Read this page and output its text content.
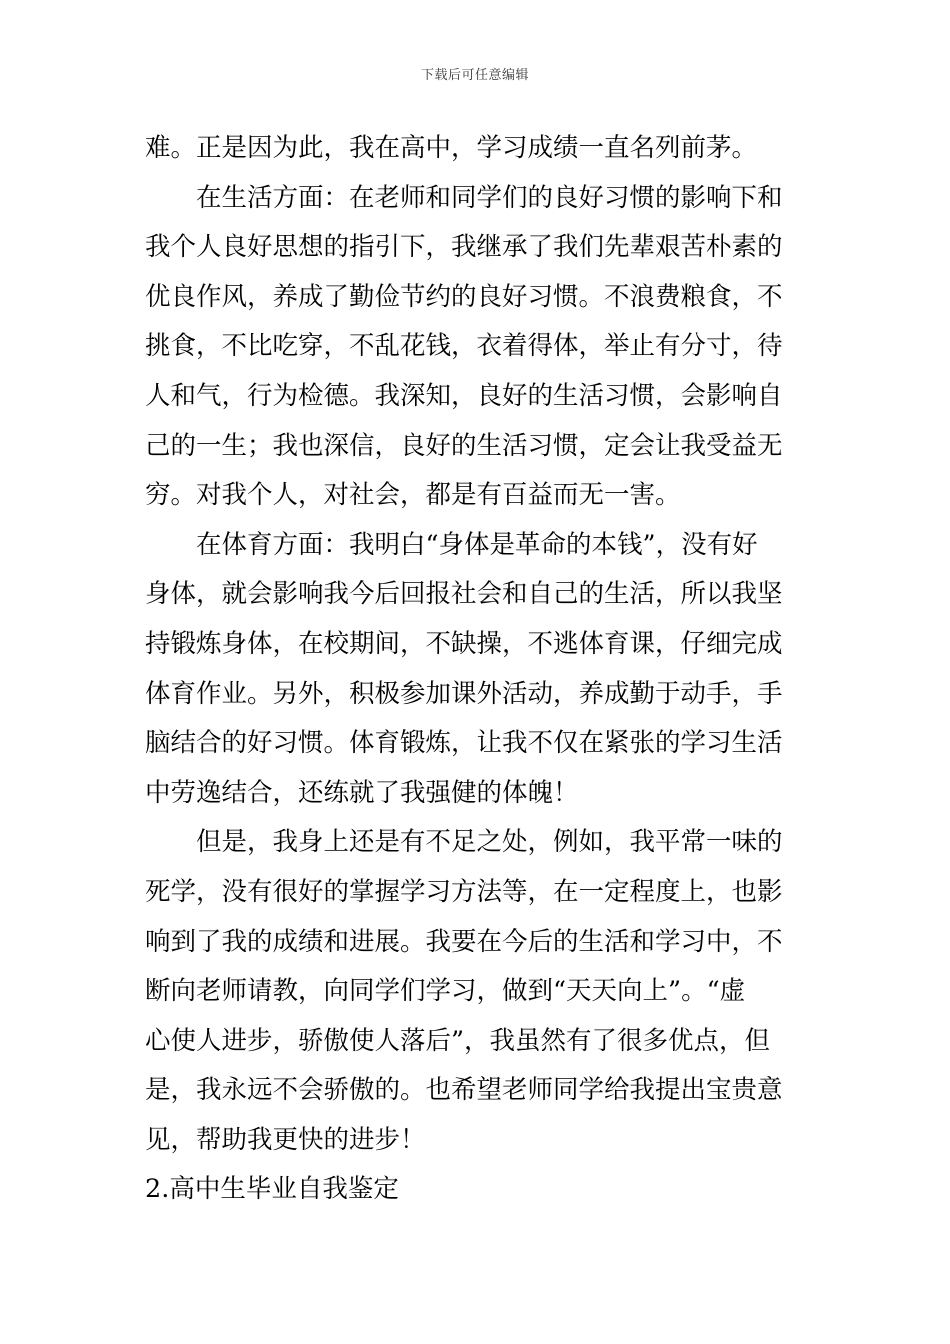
下载后可任意编辑
难。正是因为此，我在高中，学习成绩一直名列前茅。
在生活方面：在老师和同学们的良好习惯的影响下和
我个人良好思想的指引下，我继承了我们先辈艰苦朴素的
优良作风，养成了勤俭节约的良好习惯。不浪费粮食，不
挑食，不比吃穿，不乱花钱，衣着得体，举止有分寸，待
人和气，行为检德。我深知，良好的生活习惯，会影响自
己的一生；我也深信，良好的生活习惯，定会让我受益无
穷。对我个人，对社会，都是有百益而无一害。
在体育方面：我明白“身体是革命的本钱”，没有好
身体，就会影响我今后回报社会和自己的生活，所以我坚
持锻炼身体，在校期间，不缺操，不逃体育课，仔细完成
体育作业。另外，积极参加课外活动，养成勤于动手，手
脑结合的好习惯。体育锻炼，让我不仅在紧张的学习生活
中劳逸结合，还练就了我强健的体魄！
但是，我身上还是有不足之处，例如，我平常一味的
死学，没有很好的掌握学习方法等，在一定程度上，也影
响到了我的成绩和进展。我要在今后的生活和学习中，不
断向老师请教，向同学们学习，做到“天天向上”。“虚
心使人进步，骄傲使人落后”，我虽然有了很多优点，但
是，我永远不会骄傲的。也希望老师同学给我提出宝贵意
见，帮助我更快的进步！
2.高中生毕业自我鉴定
